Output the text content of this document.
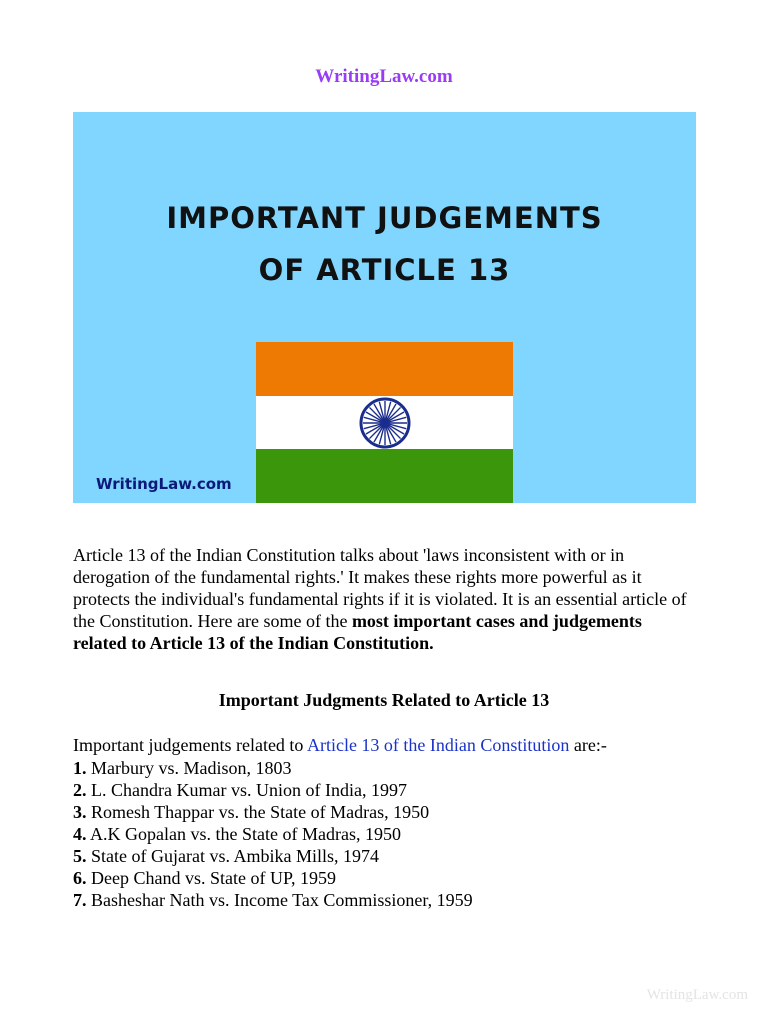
WritingLaw.com
IMPORTANT JUDGEMENTS
OF ARTICLE 13
WritingLaw.com

Article 13 of the Indian Constitution talks about 'laws inconsistent with or in derogation of the fundamental rights.' It makes these rights more powerful as it protects the individual's fundamental rights if it is violated. It is an essential article of the Constitution. Here are some of the most important cases and judgements related to Article 13 of the Indian Constitution.

Important Judgments Related to Article 13

Important judgements related to Article 13 of the Indian Constitution are:-

1. Marbury vs. Madison, 1803
2. L. Chandra Kumar vs. Union of India, 1997
3. Romesh Thappar vs. the State of Madras, 1950
4. A.K Gopalan vs. the State of Madras, 1950
5. State of Gujarat vs. Ambika Mills, 1974
6. Deep Chand vs. State of UP, 1959
7. Basheshar Nath vs. Income Tax Commissioner, 1959
WritingLaw.com
